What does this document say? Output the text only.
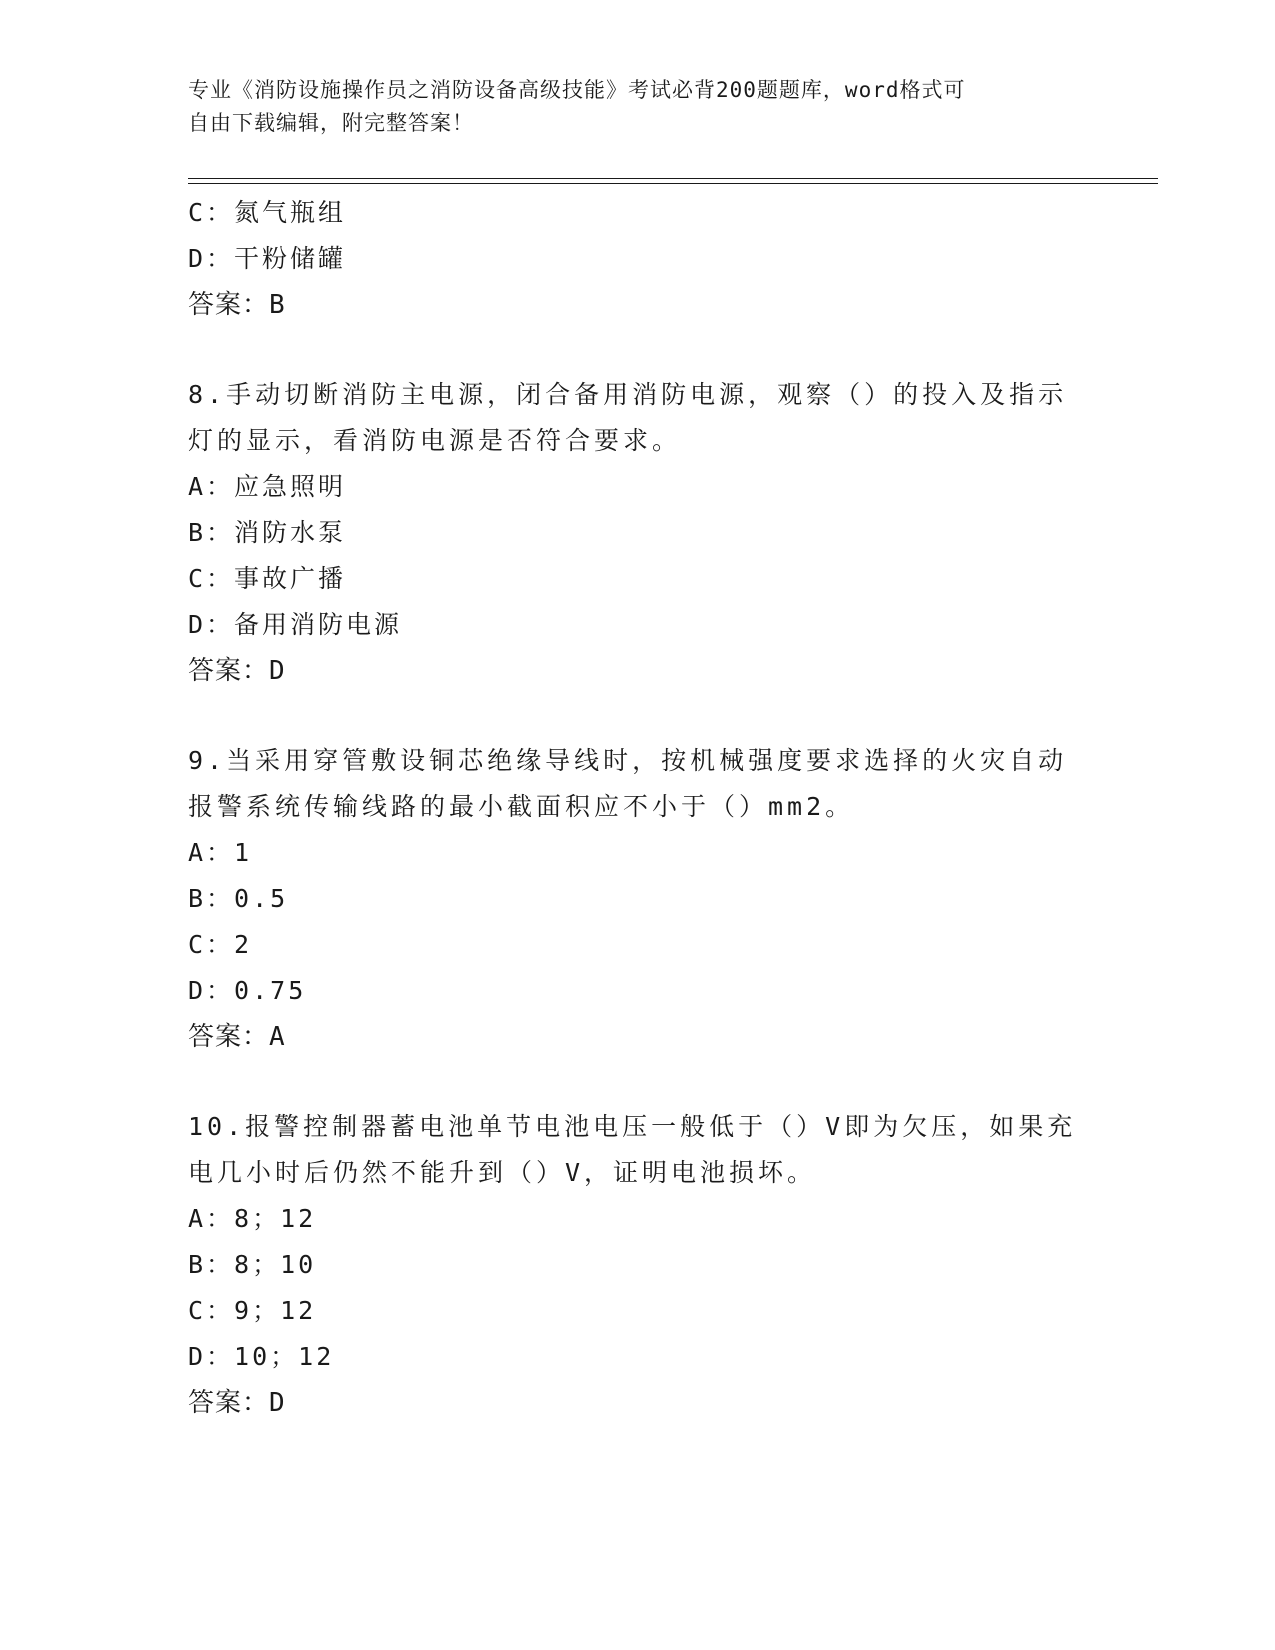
专业《消防设施操作员之消防设备高级技能》考试必背200题题库，word格式可
自由下载编辑，附完整答案！
C：氮气瓶组
D：干粉储罐
答案：B
8.手动切断消防主电源，闭合备用消防电源，观察（）的投入及指示
灯的显示，看消防电源是否符合要求。
A：应急照明
B：消防水泵
C：事故广播
D：备用消防电源
答案：D
9.当采用穿管敷设铜芯绝缘导线时，按机械强度要求选择的火灾自动
报警系统传输线路的最小截面积应不小于（）mm2。
A：1
B：0.5
C：2
D：0.75
答案：A
10.报警控制器蓄电池单节电池电压一般低于（）V即为欠压，如果充
电几小时后仍然不能升到（）V，证明电池损坏。
A：8；12
B：8；10
C：9；12
D：10；12
答案：D
